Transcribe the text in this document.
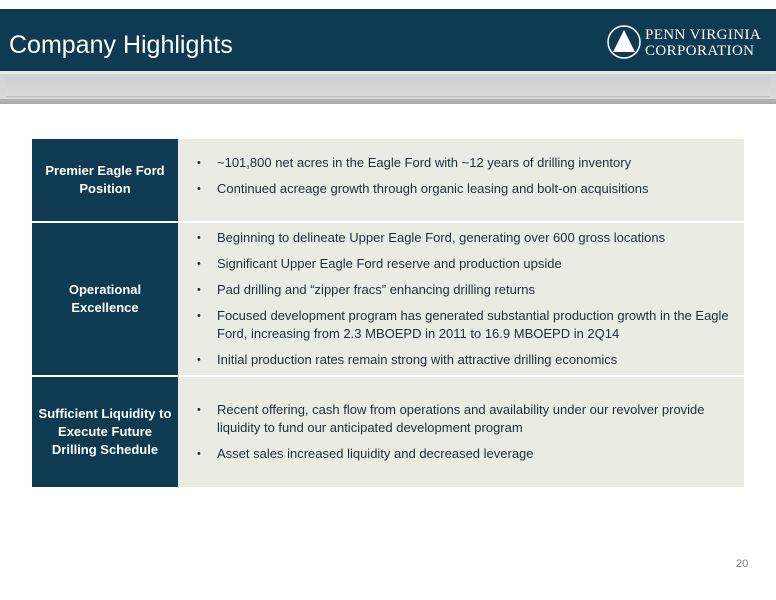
Company Highlights	PENN VIRGINIA
CORPORATION
Premier Eagle Ford Position
•	~101,800 net acres in the Eagle Ford with ~12 years of drilling inventory
•	Continued acreage growth through organic leasing and bolt-on acquisitions
Operational Excellence
•	Beginning to delineate Upper Eagle Ford, generating over 600 gross locations
•	Significant Upper Eagle Ford reserve and production upside
•	Pad drilling and “zipper fracs” enhancing drilling returns
•	Focused development program has generated substantial production growth in the Eagle Ford, increasing from 2.3 MBOEPD in 2011 to 16.9 MBOEPD in 2Q14
•	Initial production rates remain strong with attractive drilling economics
Sufficient Liquidity to Execute Future Drilling Schedule
•	Recent offering, cash flow from operations and availability under our revolver provide liquidity to fund our anticipated development program
•	Asset sales increased liquidity and decreased leverage
20
